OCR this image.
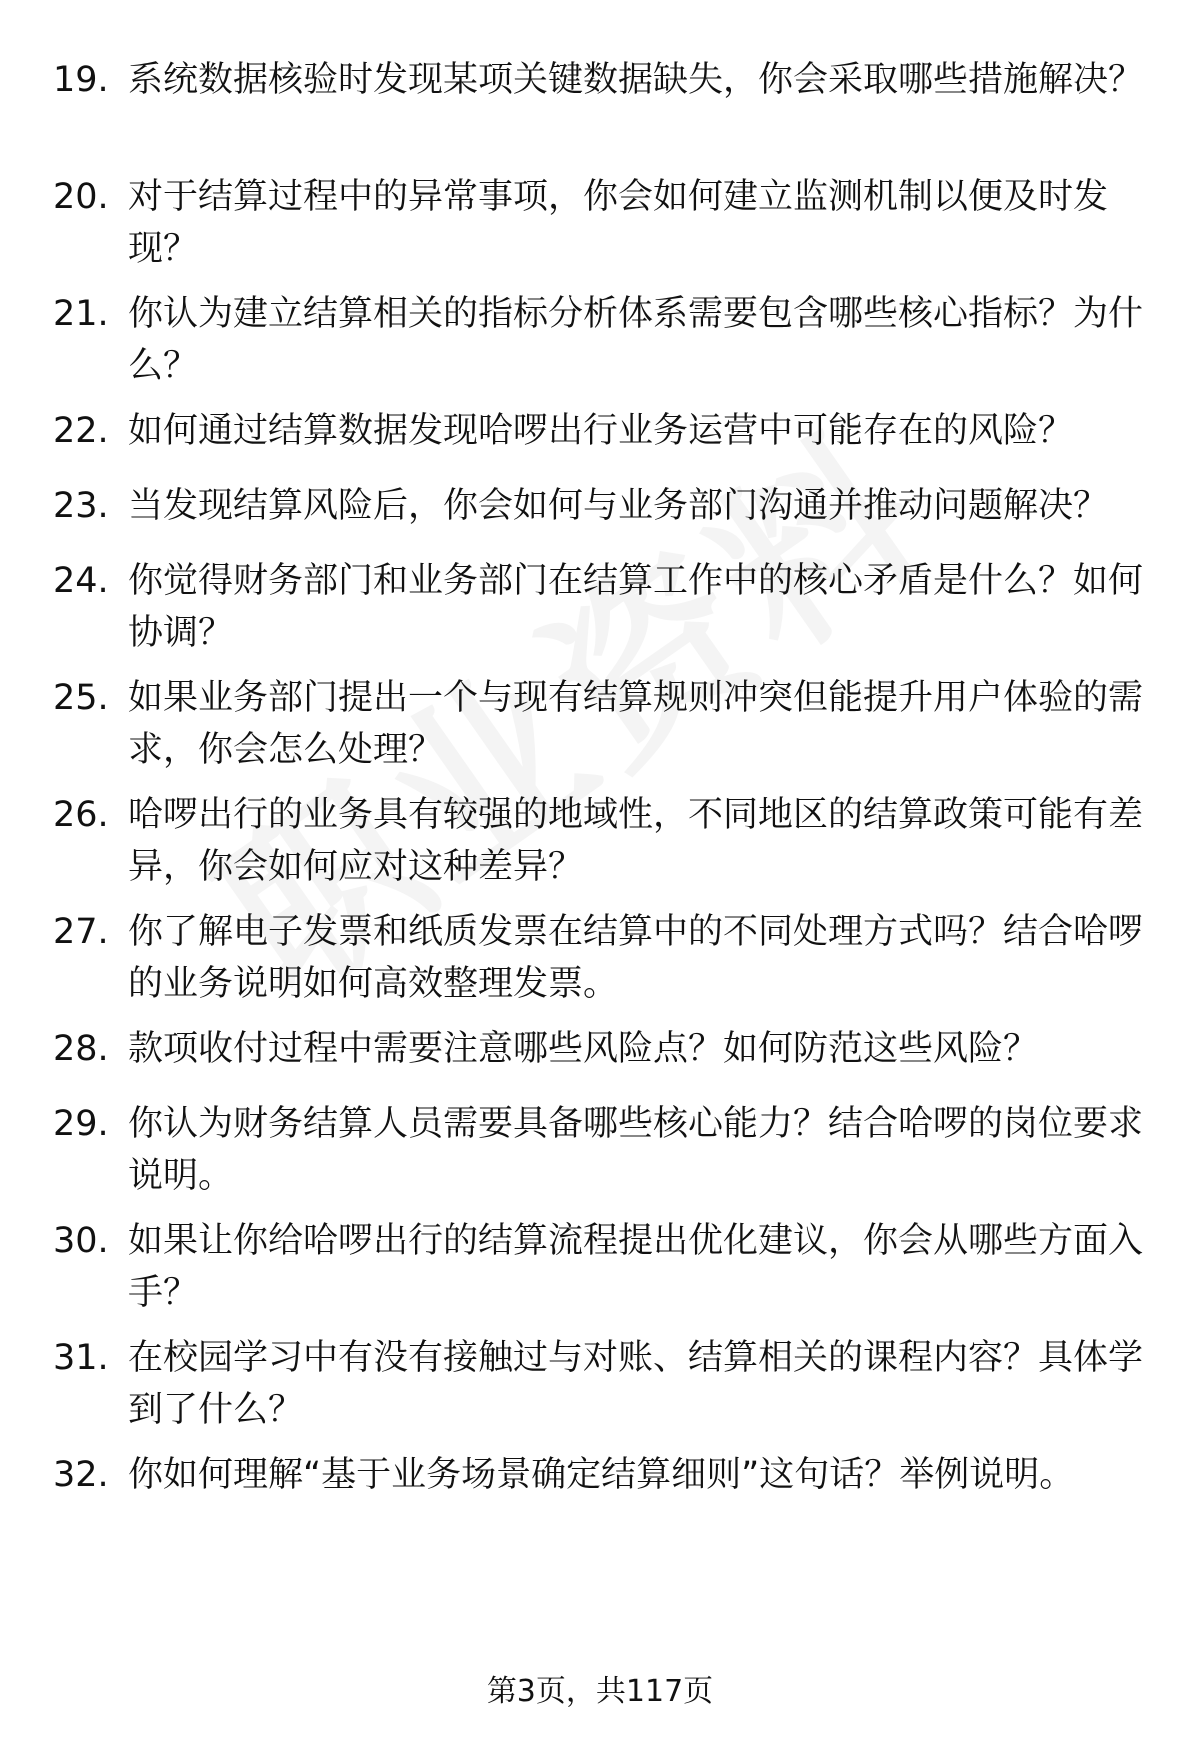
19. 系统数据核验时发现某项关键数据缺失，你会采取哪些措施解决？
20. 对于结算过程中的异常事项，你会如何建立监测机制以便及时发现？
21. 你认为建立结算相关的指标分析体系需要包含哪些核心指标？为什么？
22. 如何通过结算数据发现哈啰出行业务运营中可能存在的风险？
23. 当发现结算风险后，你会如何与业务部门沟通并推动问题解决？
24. 你觉得财务部门和业务部门在结算工作中的核心矛盾是什么？如何协调？
25. 如果业务部门提出一个与现有结算规则冲突但能提升用户体验的需求，你会怎么处理？
26. 哈啰出行的业务具有较强的地域性，不同地区的结算政策可能有差异，你会如何应对这种差异？
27. 你了解电子发票和纸质发票在结算中的不同处理方式吗？结合哈啰的业务说明如何高效整理发票。
28. 款项收付过程中需要注意哪些风险点？如何防范这些风险？
29. 你认为财务结算人员需要具备哪些核心能力？结合哈啰的岗位要求说明。
30. 如果让你给哈啰出行的结算流程提出优化建议，你会从哪些方面入手？
31. 在校园学习中有没有接触过与对账、结算相关的课程内容？具体学到了什么？
32. 你如何理解“基于业务场景确定结算细则”这句话？举例说明。
第3页，共117页
